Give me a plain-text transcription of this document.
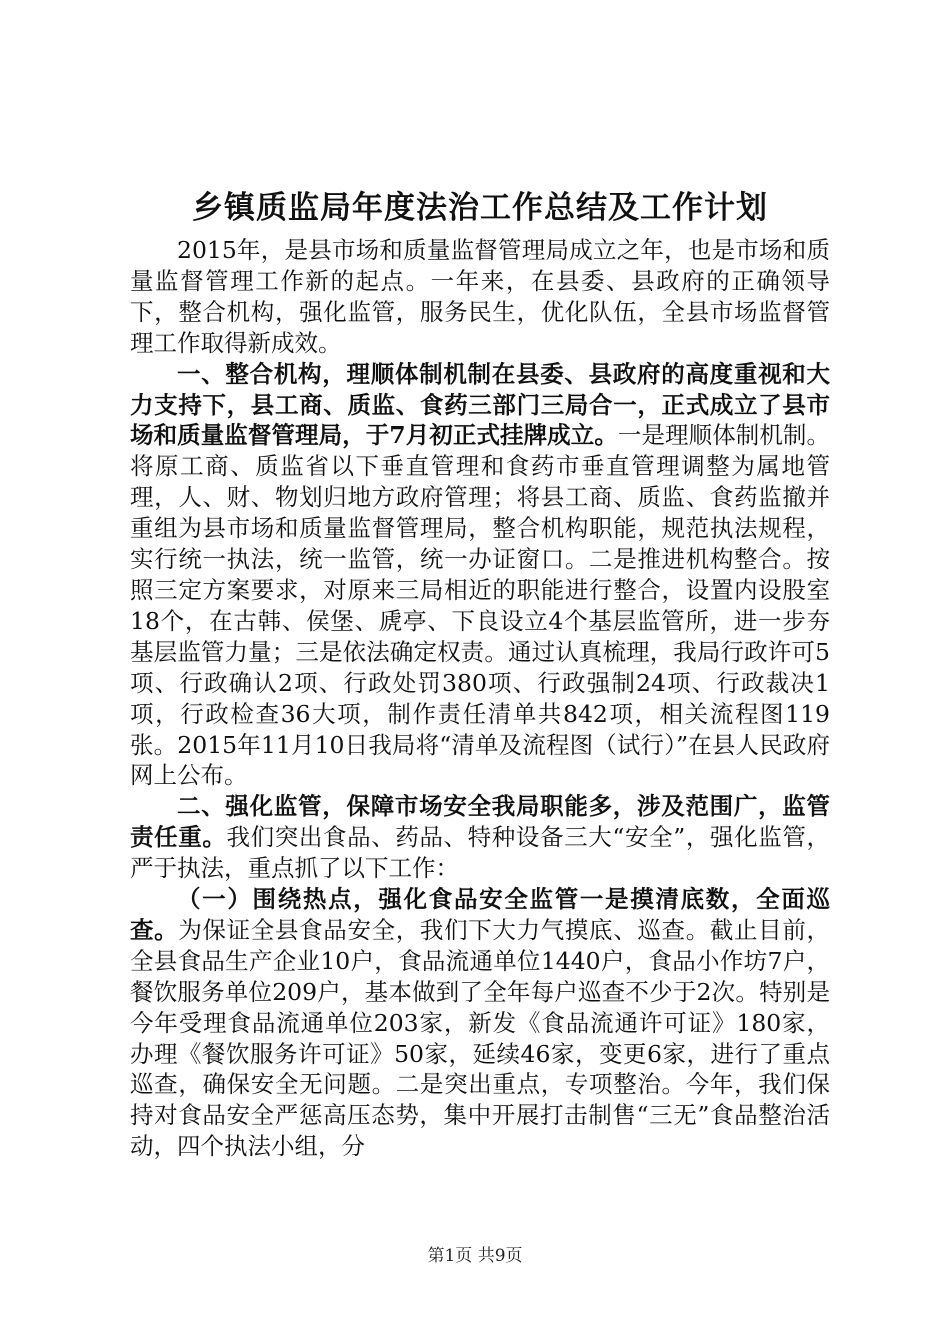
乡镇质监局年度法治工作总结及工作计划

2015年，是县市场和质量监督管理局成立之年，也是市场和质量监督管理工作新的起点。一年来，在县委、县政府的正确领导下，整合机构，强化监管，服务民生，优化队伍，全县市场监督管理工作取得新成效。

一、整合机构，理顺体制机制在县委、县政府的高度重视和大力支持下，县工商、质监、食药三部门三局合一，正式成立了县市场和质量监督管理局，于7月初正式挂牌成立。一是理顺体制机制。将原工商、质监省以下垂直管理和食药市垂直管理调整为属地管理，人、财、物划归地方政府管理；将县工商、质监、食药监撤并重组为县市场和质量监督管理局，整合机构职能，规范执法规程，实行统一执法，统一监管，统一办证窗口。二是推进机构整合。按照三定方案要求，对原来三局相近的职能进行整合，设置内设股室18个，在古韩、侯堡、虒亭、下良设立4个基层监管所，进一步夯基层监管力量；三是依法确定权责。通过认真梳理，我局行政许可5项、行政确认2项、行政处罚380项、行政强制24项、行政裁决1项，行政检查36大项，制作责任清单共842项，相关流程图119张。2015年11月10日我局将“清单及流程图（试行）”在县人民政府网上公布。

二、强化监管，保障市场安全我局职能多，涉及范围广，监管责任重。我们突出食品、药品、特种设备三大“安全”，强化监管，严于执法，重点抓了以下工作：

（一）围绕热点，强化食品安全监管一是摸清底数，全面巡查。为保证全县食品安全，我们下大力气摸底、巡查。截止目前，全县食品生产企业10户，食品流通单位1440户，食品小作坊7户，餐饮服务单位209户，基本做到了全年每户巡查不少于2次。特别是今年受理食品流通单位203家，新发《食品流通许可证》180家，办理《餐饮服务许可证》50家，延续46家，变更6家，进行了重点巡查，确保安全无问题。二是突出重点，专项整治。今年，我们保持对食品安全严惩高压态势，集中开展打击制售“三无”食品整治活动，四个执法小组，分

第1页 共9页
